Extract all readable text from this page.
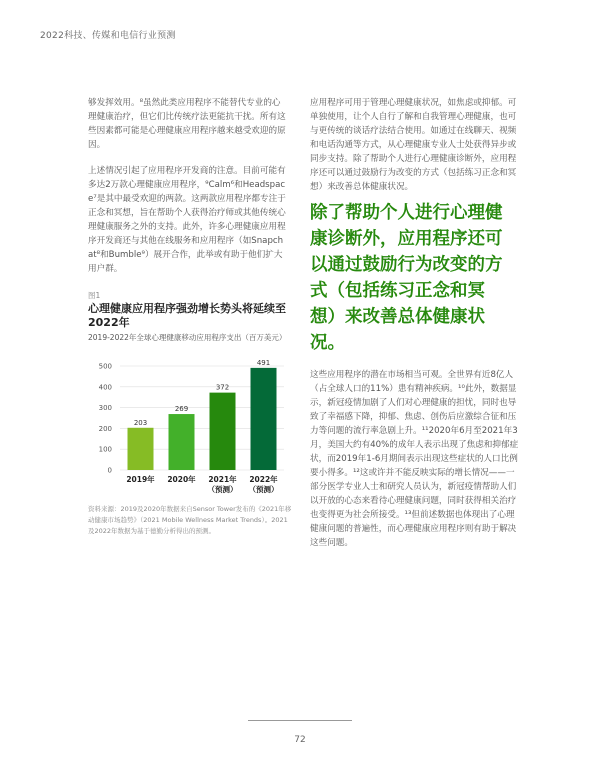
2022科技、传媒和电信行业预测

够发挥效用。⁸虽然此类应用程序不能替代专业的心理健康治疗，但它们比传统疗法更能抗干扰。所有这些因素都可能是心理健康应用程序越来越受欢迎的原因。

上述情况引起了应用程序开发商的注意。目前可能有多达2万款心理健康应用程序，⁹Calm⁶和Headspace⁷是其中最受欢迎的两款。这两款应用程序都专注于正念和冥想，旨在帮助个人获得治疗师或其他传统心理健康服务之外的支持。此外，许多心理健康应用程序开发商还与其他在线服务和应用程序（如Snapchat⁸和Bumble⁹）展开合作，此举或有助于他们扩大用户群。

应用程序可用于管理心理健康状况，如焦虑或抑郁。可单独使用，让个人自行了解和自我管理心理健康，也可与更传统的谈话疗法结合使用。如通过在线聊天、视频和电话沟通等方式，从心理健康专业人士处获得异步或同步支持。除了帮助个人进行心理健康诊断外，应用程序还可以通过鼓励行为改变的方式（包括练习正念和冥想）来改善总体健康状况。

除了帮助个人进行心理健康诊断外，应用程序还可以通过鼓励行为改变的方式（包括练习正念和冥想）来改善总体健康状况。

这些应用程序的潜在市场相当可观。全世界有近8亿人（占全球人口的11%）患有精神疾病。¹⁰此外，数据显示，新冠疫情加剧了人们对心理健康的担忧，同时也导致了幸福感下降，抑郁、焦虑、创伤后应激综合征和压力等问题的流行率急剧上升。¹¹2020年6月至2021年3月，美国大约有40%的成年人表示出现了焦虑和抑郁症状，而2019年1-6月期间表示出现这些症状的人口比例要小得多。¹²这或许并不能反映实际的增长情况——一部分医学专业人士和研究人员认为，新冠疫情帮助人们以开放的心态来看待心理健康问题，同时获得相关治疗也变得更为社会所接受。¹³但前述数据也体现出了心理健康问题的普遍性，而心理健康应用程序则有助于解决这些问题。

图1

心理健康应用程序强劲增长势头将延续至2022年

2019-2022年全球心理健康移动应用程序支出（百万美元）
0
100
200
300
400
500
203
2019年
269
2020年
372
2021年
（预测）
491
2022年
（预测）
资料来源：2019及2020年数据来自Sensor Tower发布的《2021年移动健康市场趋势》（2021 Mobile Wellness Market Trends）。2021及2022年数据为基于德勤分析得出的预测。
72
